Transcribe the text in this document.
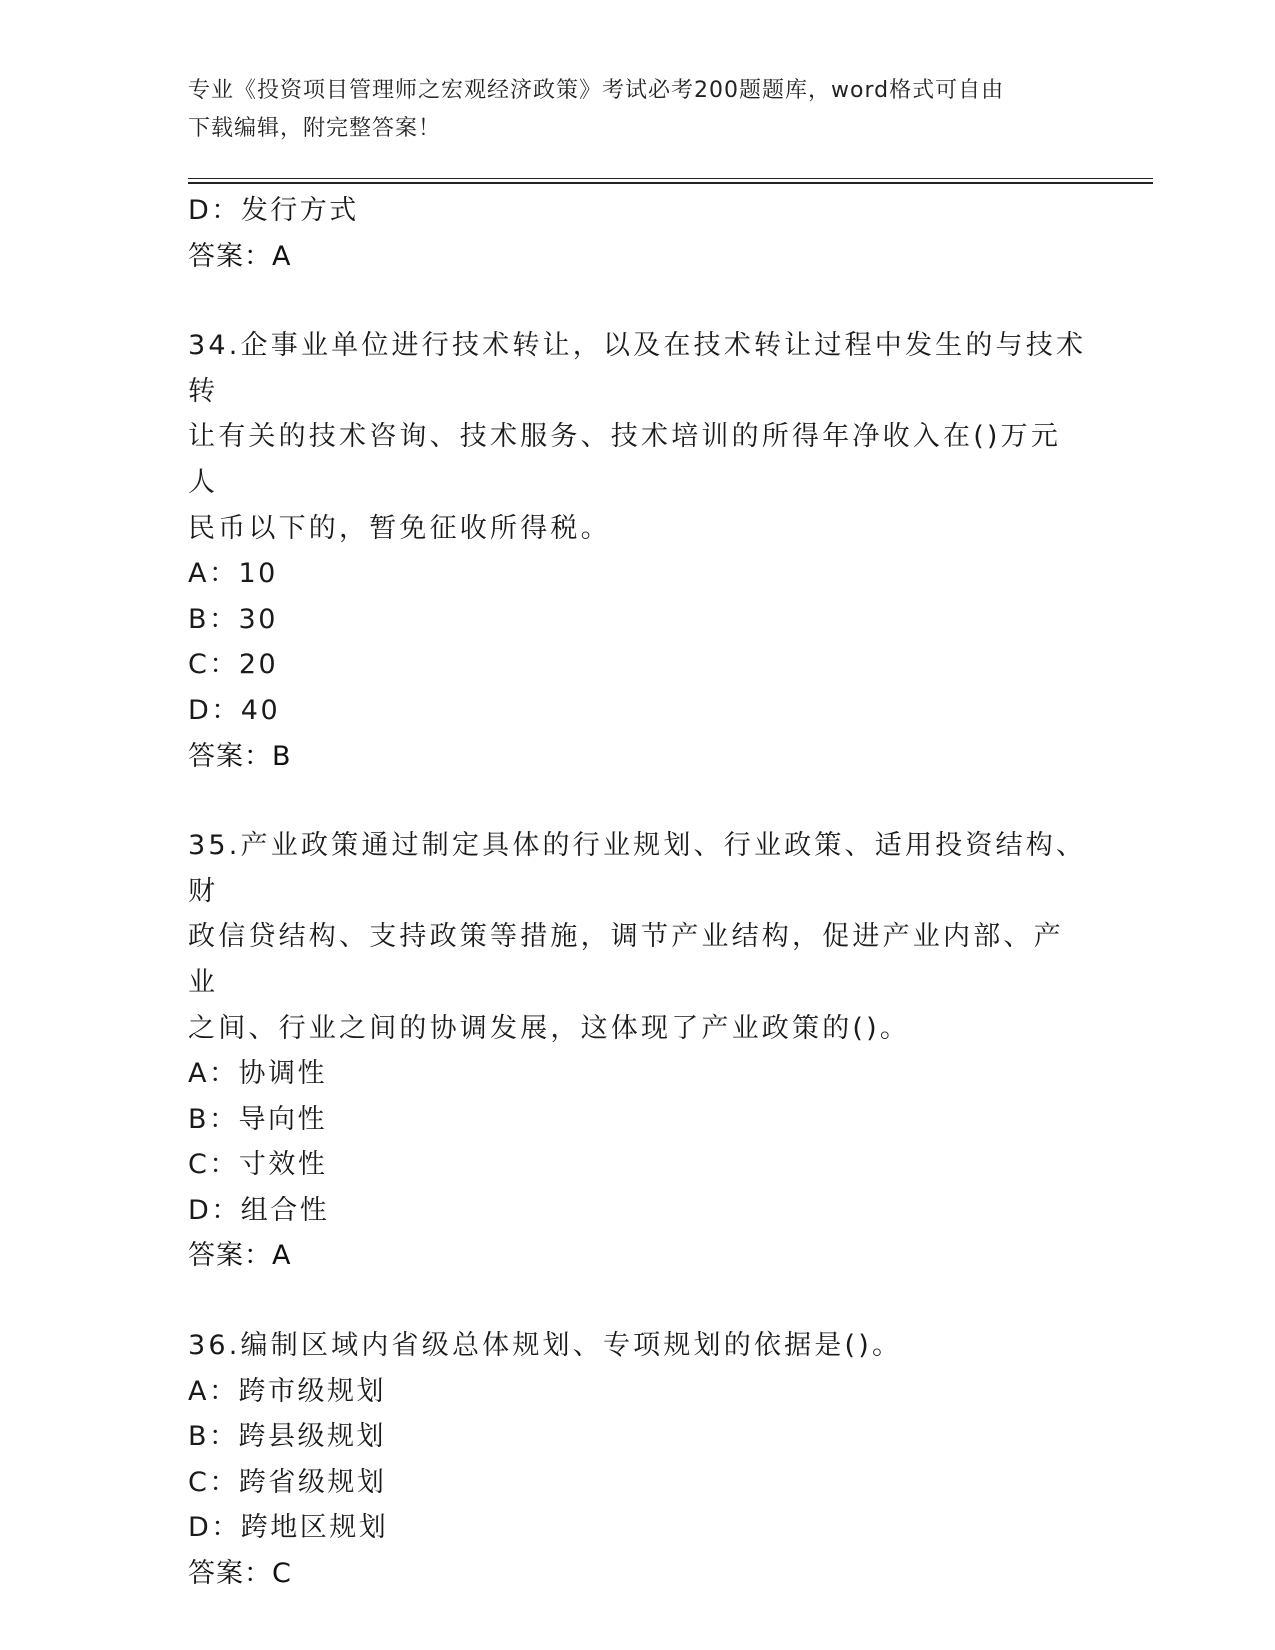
专业《投资项目管理师之宏观经济政策》考试必考200题题库，word格式可自由
下载编辑，附完整答案！
D：发行方式
答案：A
34.企事业单位进行技术转让，以及在技术转让过程中发生的与技术转
让有关的技术咨询、技术服务、技术培训的所得年净收入在()万元人
民币以下的，暂免征收所得税。
A：10
B：30
C：20
D：40
答案：B
35.产业政策通过制定具体的行业规划、行业政策、适用投资结构、财
政信贷结构、支持政策等措施，调节产业结构，促进产业内部、产业
之间、行业之间的协调发展，这体现了产业政策的()。
A：协调性
B：导向性
C：寸效性
D：组合性
答案：A
36.编制区域内省级总体规划、专项规划的依据是()。
A：跨市级规划
B：跨县级规划
C：跨省级规划
D：跨地区规划
答案：C
